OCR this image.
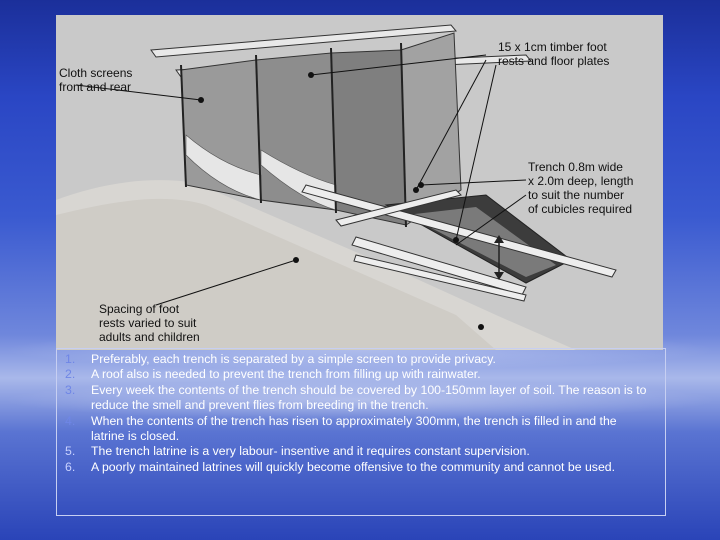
Cloth screens
front and rear
15 x 1cm timber foot
rests and floor plates
Trench 0.8m wide
x 2.0m deep, length
to suit the number
of cubicles required
Spacing of foot
rests varied to suit
adults and children
1.	Preferably, each trench is separated by a simple screen to provide privacy.
2.	A roof also is needed to prevent the trench from filling up with rainwater.
3.	Every week the contents of the trench should be covered by 100-150mm layer of soil. The reason is to reduce the smell and prevent flies from breeding in the trench.
4.	When the contents of the trench has risen to approximately 300mm, the trench is filled in and the latrine is closed.
5.	The trench latrine is a very labour- insentive and it requires constant supervision.
6.	A poorly maintained latrines will quickly become offensive to the community and cannot be used.
